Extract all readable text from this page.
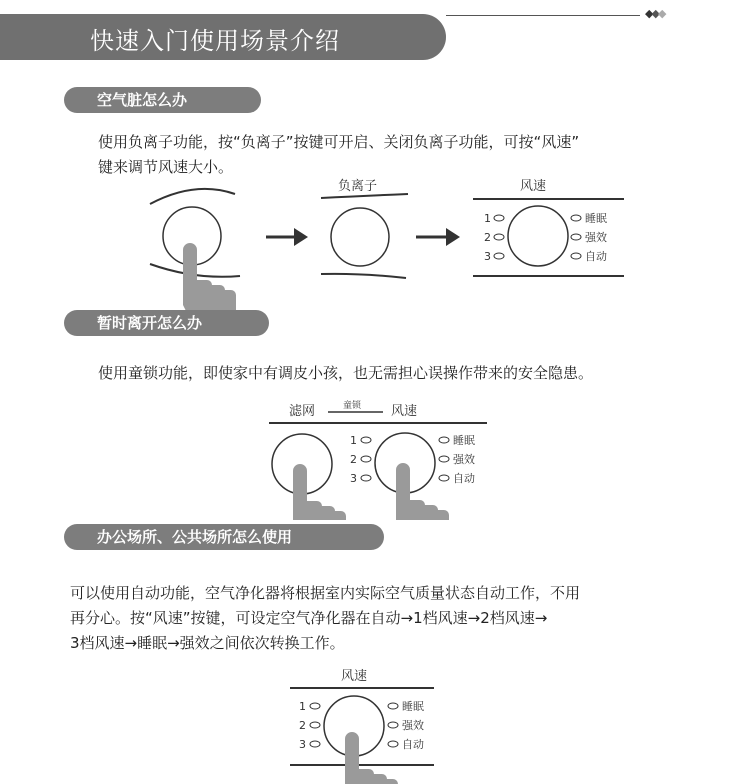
快速入门使用场景介绍
◆◆◆
空气脏怎么办
使用负离子功能，按“负离子”按键可开启、关闭负离子功能，可按“风速”
键来调节风速大小。
负离子	风速
1
2
3
睡眠
强效
自动
暂时离开怎么办
使用童锁功能，即使家中有调皮小孩，也无需担心误操作带来的安全隐患。
滤网	童锁 风速
1
2
3
睡眠
强效
自动
办公场所、公共场所怎么使用
可以使用自动功能，空气净化器将根据室内实际空气质量状态自动工作，不用
再分心。按“风速”按键，可设定空气净化器在自动→1档风速→2档风速→
3档风速→睡眠→强效之间依次转换工作。
风速
1
2
3
睡眠
强效
自动
